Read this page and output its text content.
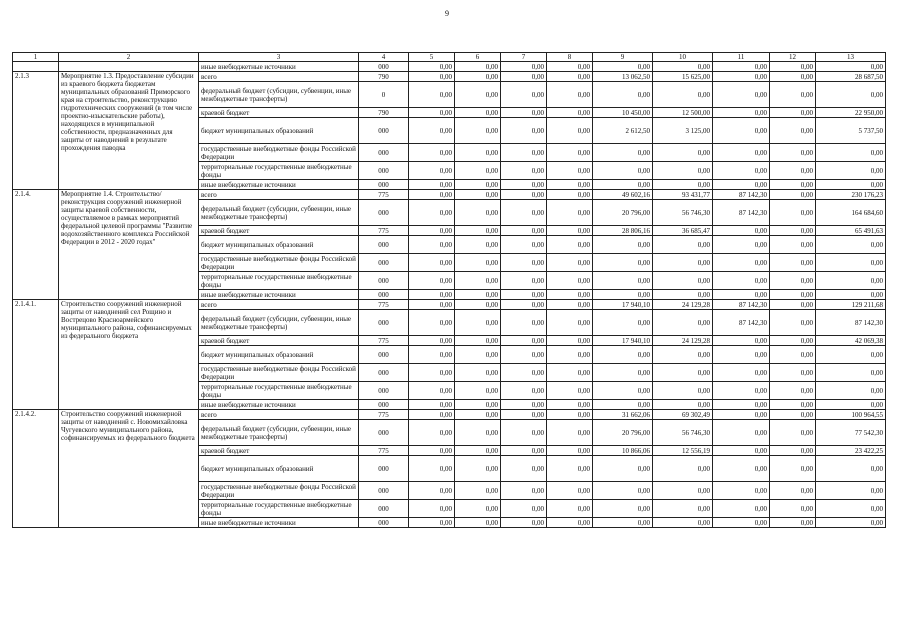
9
1	2	3	4	5	6	7	8	9	10	11	12	13
		иные внебюджетные источники	000	0,00	0,00	0,00	0,00	0,00	0,00	0,00	0,00	0,00
2.1.3	Мероприятие 1.3. Предоставление субсидии из краевого бюджета бюджетам муниципальных образований Приморского края на строительство, реконструкцию гидротехнических сооружений (в том числе проектно-изыскательские работы), находящихся в муниципальной собственности, предназначенных для защиты от наводнений в результате прохождения паводка	всего	790	0,00	0,00	0,00	0,00	13 062,50	15 625,00	0,00	0,00	28 687,50
		федеральный бюджет (субсидии, субвенции, иные межбюджетные трансферты)	0	0,00	0,00	0,00	0,00	0,00	0,00	0,00	0,00	0,00
		краевой бюджет	790	0,00	0,00	0,00	0,00	10 450,00	12 500,00	0,00	0,00	22 950,00
		бюджет муниципальных образований	000	0,00	0,00	0,00	0,00	2 612,50	3 125,00	0,00	0,00	5 737,50
		государственные внебюджетные фонды Российской Федерации	000	0,00	0,00	0,00	0,00	0,00	0,00	0,00	0,00	0,00
		территориальные государственные внебюджетные фонды	000	0,00	0,00	0,00	0,00	0,00	0,00	0,00	0,00	0,00
		иные внебюджетные источники	000	0,00	0,00	0,00	0,00	0,00	0,00	0,00	0,00	0,00
2.1.4.	Мероприятие 1.4. Строительство/реконструкция сооружений инженерной защиты краевой собственности, осуществляемое в рамках мероприятий федеральной целевой программы "Развитие водохозяйственного комплекса Российской Федерации в 2012 - 2020 годах"	всего	775	0,00	0,00	0,00	0,00	49 602,16	93 431,77	87 142,30	0,00	230 176,23
		федеральный бюджет (субсидии, субвенции, иные межбюджетные трансферты)	000	0,00	0,00	0,00	0,00	20 796,00	56 746,30	87 142,30	0,00	164 684,60
		краевой бюджет	775	0,00	0,00	0,00	0,00	28 806,16	36 685,47	0,00	0,00	65 491,63
		бюджет муниципальных образований	000	0,00	0,00	0,00	0,00	0,00	0,00	0,00	0,00	0,00
		государственные внебюджетные фонды Российской Федерации	000	0,00	0,00	0,00	0,00	0,00	0,00	0,00	0,00	0,00
		территориальные государственные внебюджетные фонды	000	0,00	0,00	0,00	0,00	0,00	0,00	0,00	0,00	0,00
		иные внебюджетные источники	000	0,00	0,00	0,00	0,00	0,00	0,00	0,00	0,00	0,00
2.1.4.1.	Строительство сооружений инженерной защиты от наводнений сел Рощино и Вострецово Красноармейского муниципального района, софинансируемых из федерального бюджета	всего	775	0,00	0,00	0,00	0,00	17 940,10	24 129,28	87 142,30	0,00	129 211,68
		федеральный бюджет (субсидии, субвенции, иные межбюджетные трансферты)	000	0,00	0,00	0,00	0,00	0,00	0,00	87 142,30	0,00	87 142,30
		краевой бюджет	775	0,00	0,00	0,00	0,00	17 940,10	24 129,28	0,00	0,00	42 069,38
		бюджет муниципальных образований	000	0,00	0,00	0,00	0,00	0,00	0,00	0,00	0,00	0,00
		государственные внебюджетные фонды Российской Федерации	000	0,00	0,00	0,00	0,00	0,00	0,00	0,00	0,00	0,00
		территориальные государственные внебюджетные фонды	000	0,00	0,00	0,00	0,00	0,00	0,00	0,00	0,00	0,00
		иные внебюджетные источники	000	0,00	0,00	0,00	0,00	0,00	0,00	0,00	0,00	0,00
2.1.4.2.	Строительство сооружений инженерной защиты от наводнений с. Новомихайловка Чугуевского муниципального района, софинансируемых из федерального бюджета	всего	775	0,00	0,00	0,00	0,00	31 662,06	69 302,49	0,00	0,00	100 964,55
		федеральный бюджет (субсидии, субвенции, иные межбюджетные трансферты)	000	0,00	0,00	0,00	0,00	20 796,00	56 746,30	0,00	0,00	77 542,30
		краевой бюджет	775	0,00	0,00	0,00	0,00	10 866,06	12 556,19	0,00	0,00	23 422,25
		бюджет муниципальных образований	000	0,00	0,00	0,00	0,00	0,00	0,00	0,00	0,00	0,00
		государственные внебюджетные фонды Российской Федерации	000	0,00	0,00	0,00	0,00	0,00	0,00	0,00	0,00	0,00
		территориальные государственные внебюджетные фонды	000	0,00	0,00	0,00	0,00	0,00	0,00	0,00	0,00	0,00
		иные внебюджетные источники	000	0,00	0,00	0,00	0,00	0,00	0,00	0,00	0,00	0,00
